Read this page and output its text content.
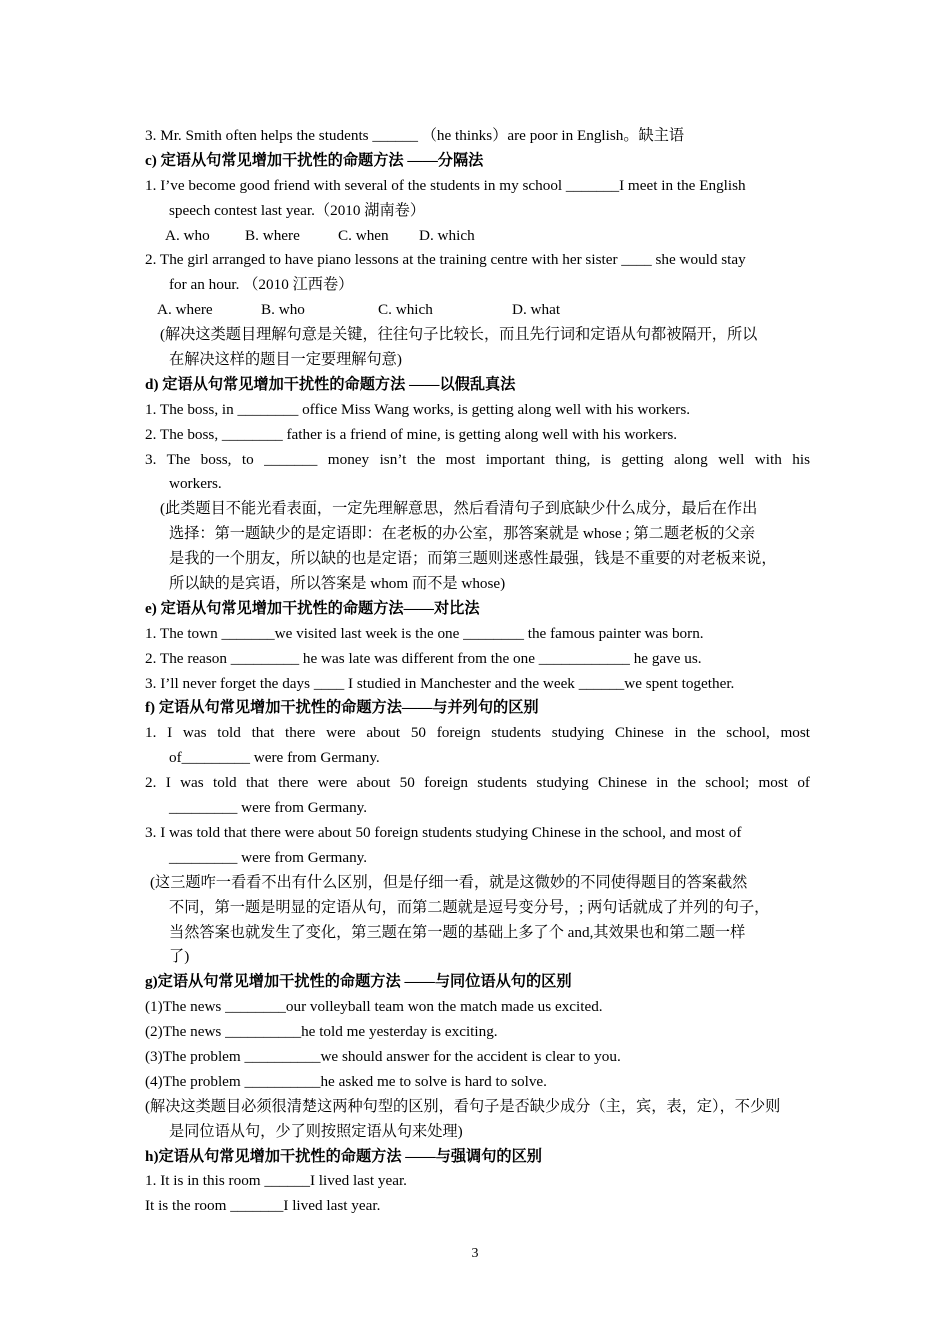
3. Mr. Smith often helps the students ______ （he thinks）are poor in English。缺主语
c) 定语从句常见增加干扰性的命题方法 ——分隔法
1. I’ve become good friend with several of the students in my school _______I meet in the English
speech contest last year.（2010 湖南卷）
A. who	B. where	C. when	D. which
2. The girl arranged to have piano lessons at the training centre with her sister ____ she would stay
for an hour. （2010 江西卷）
A. where	B. who	C. which	D. what
(解决这类题目理解句意是关键，往往句子比较长，而且先行词和定语从句都被隔开，所以
在解决这样的题目一定要理解句意)
d) 定语从句常见增加干扰性的命题方法 ——以假乱真法
1. The boss, in ________ office Miss Wang works, is getting along well with his workers.
2. The boss, ________ father is a friend of mine, is getting along well with his workers.
3. The boss, to _______ money isn’t the most important thing, is getting along well with his
workers.
(此类题目不能光看表面，一定先理解意思，然后看清句子到底缺少什么成分，最后在作出
选择：第一题缺少的是定语即：在老板的办公室，那答案就是 whose ; 第二题老板的父亲
是我的一个朋友，所以缺的也是定语；而第三题则迷惑性最强，钱是不重要的对老板来说，
所以缺的是宾语，所以答案是 whom 而不是 whose)
e) 定语从句常见增加干扰性的命题方法——对比法
1. The town _______we visited last week is the one ________ the famous painter was born.
2. The reason _________ he was late was different from the one ____________ he gave us.
3. I’ll never forget the days ____ I studied in Manchester and the week ______we spent together.
f) 定语从句常见增加干扰性的命题方法——与并列句的区别
1. I was told that there were about 50 foreign students studying Chinese in the school, most
of_________ were from Germany.
2. I was told that there were about 50 foreign students studying Chinese in the school; most of
_________ were from Germany.
3. I was told that there were about 50 foreign students studying Chinese in the school, and most of
_________ were from Germany.
(这三题咋一看看不出有什么区别，但是仔细一看，就是这微妙的不同使得题目的答案截然
不同，第一题是明显的定语从句，而第二题就是逗号变分号，; 两句话就成了并列的句子，
当然答案也就发生了变化，第三题在第一题的基础上多了个 and,其效果也和第二题一样
了)
g)定语从句常见增加干扰性的命题方法 ——与同位语从句的区别
(1)The news ________our volleyball team won the match made us excited.
(2)The news __________he told me yesterday is exciting.
(3)The problem __________we should answer for the accident is clear to you.
(4)The problem __________he asked me to solve is hard to solve.
(解决这类题目必须很清楚这两种句型的区别，看句子是否缺少成分（主，宾，表，定），不少则
是同位语从句，少了则按照定语从句来处理)
h)定语从句常见增加干扰性的命题方法 ——与强调句的区别
1. It is in this room ______I lived last year.
It is the room _______I lived last year.
3
